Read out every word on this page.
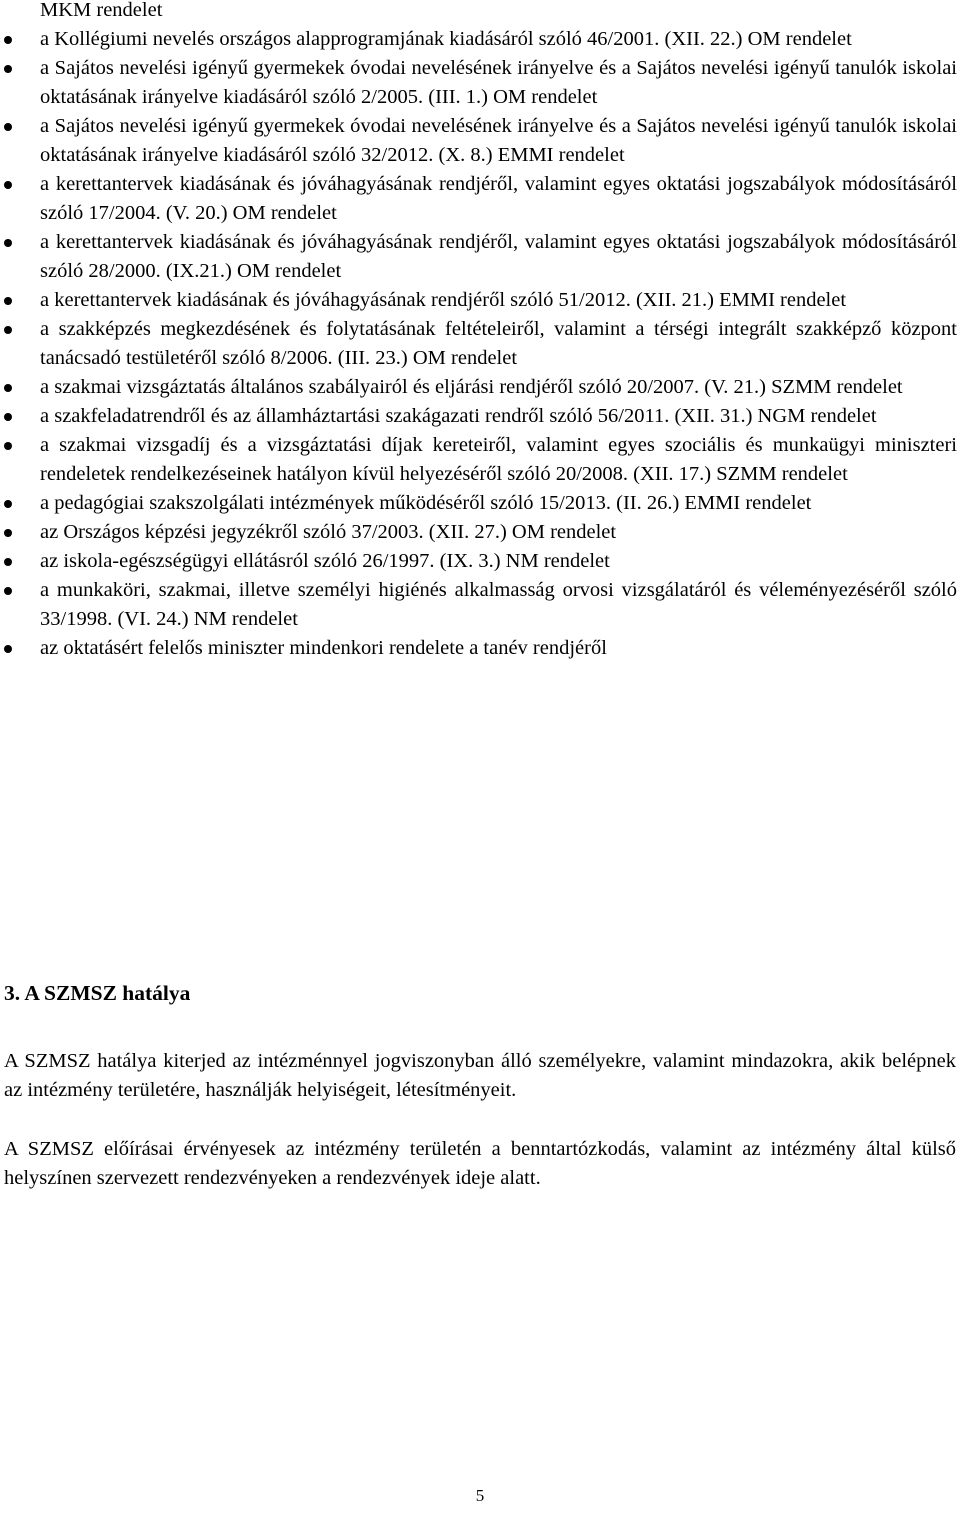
MKM rendelet

a Kollégiumi nevelés országos alapprogramjának kiadásáról szóló 46/2001. (XII. 22.) OM rendelet
a Sajátos nevelési igényű gyermekek óvodai nevelésének irányelve és a Sajátos nevelési igényű tanulók iskolai oktatásának irányelve kiadásáról szóló 2/2005. (III. 1.) OM rendelet
a Sajátos nevelési igényű gyermekek óvodai nevelésének irányelve és a Sajátos nevelési igényű tanulók iskolai oktatásának irányelve kiadásáról szóló 32/2012. (X. 8.) EMMI rendelet
a kerettantervek kiadásának és jóváhagyásának rendjéről, valamint egyes oktatási jogszabályok módosításáról szóló 17/2004. (V. 20.) OM rendelet
a kerettantervek kiadásának és jóváhagyásának rendjéről, valamint egyes oktatási jogszabályok módosításáról szóló 28/2000. (IX.21.) OM rendelet
a kerettantervek kiadásának és jóváhagyásának rendjéről szóló 51/2012. (XII. 21.) EMMI rendelet
a szakképzés megkezdésének és folytatásának feltételeiről, valamint a térségi integrált szakképző központ tanácsadó testületéről szóló 8/2006. (III. 23.) OM rendelet
a szakmai vizsgáztatás általános szabályairól és eljárási rendjéről szóló 20/2007. (V. 21.) SZMM rendelet
a szakfeladatrendről és az államháztartási szakágazati rendről szóló 56/2011. (XII. 31.) NGM rendelet
a szakmai vizsgadíj és a vizsgáztatási díjak kereteiről, valamint egyes szociális és munkaügyi miniszteri rendeletek rendelkezéseinek hatályon kívül helyezéséről szóló 20/2008. (XII. 17.) SZMM rendelet
a pedagógiai szakszolgálati intézmények működéséről szóló 15/2013. (II. 26.) EMMI rendelet
az Országos képzési jegyzékről szóló 37/2003. (XII. 27.) OM rendelet
az iskola-egészségügyi ellátásról szóló 26/1997. (IX. 3.) NM rendelet
a munkaköri, szakmai, illetve személyi higiénés alkalmasság orvosi vizsgálatáról és véleményezéséről szóló 33/1998. (VI. 24.) NM rendelet
az oktatásért felelős miniszter mindenkori rendelete a tanév rendjéről
3. A SZMSZ hatálya

A SZMSZ hatálya kiterjed az intézménnyel jogviszonyban álló személyekre, valamint mindazokra, akik belépnek az intézmény területére, használják helyiségeit, létesítményeit.

A SZMSZ előírásai érvényesek az intézmény területén a benntartózkodás, valamint az intézmény által külső helyszínen szervezett rendezvényeken a rendezvények ideje alatt.

5
